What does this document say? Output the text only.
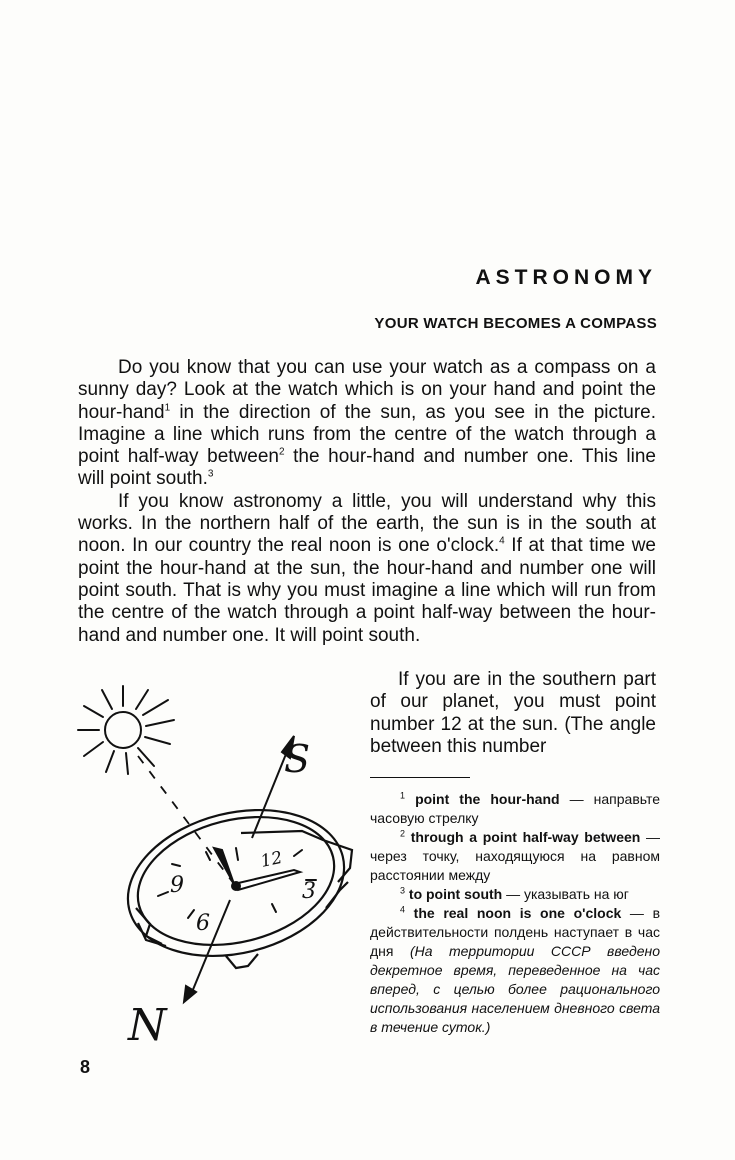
ASTRONOMY
YOUR WATCH BECOMES A COMPASS

Do you know that you can use your watch as a compass on a sunny day? Look at the watch which is on your hand and point the hour-hand$^1$ in the direction of the sun, as you see in the picture. Imagine a line which runs from the centre of the watch through a point half-way between$^2$ the hour-hand and number one. This line will point south.$^3$

If you know astronomy a little, you will understand why this works. In the northern half of the earth, the sun is in the south at noon. In our country the real noon is one o'clock.$^4$ If at that time we point the hour-hand at the sun, the hour-hand and number one will point south. That is why you must imagine a line which will run from the centre of the watch through a point half-way between the hour-hand and number one. It will point south.

If you are in the southern part of our planet, you must point number 12 at the sun. (The angle between this number

$^1$ point the hour-hand — направьте часовую стрелку

$^2$ through a point half-way between — через точку, находящуюся на равном расстоянии между

$^3$ to point south — указывать на юг

$^4$ the real noon is one o'clock — в действительности полдень наступает в час дня (На территории СССР введено декретное время, переведенное на час вперед, с целью более рационального использования населением дневного света в течение суток.)

12
3
6
9
S
N

8
